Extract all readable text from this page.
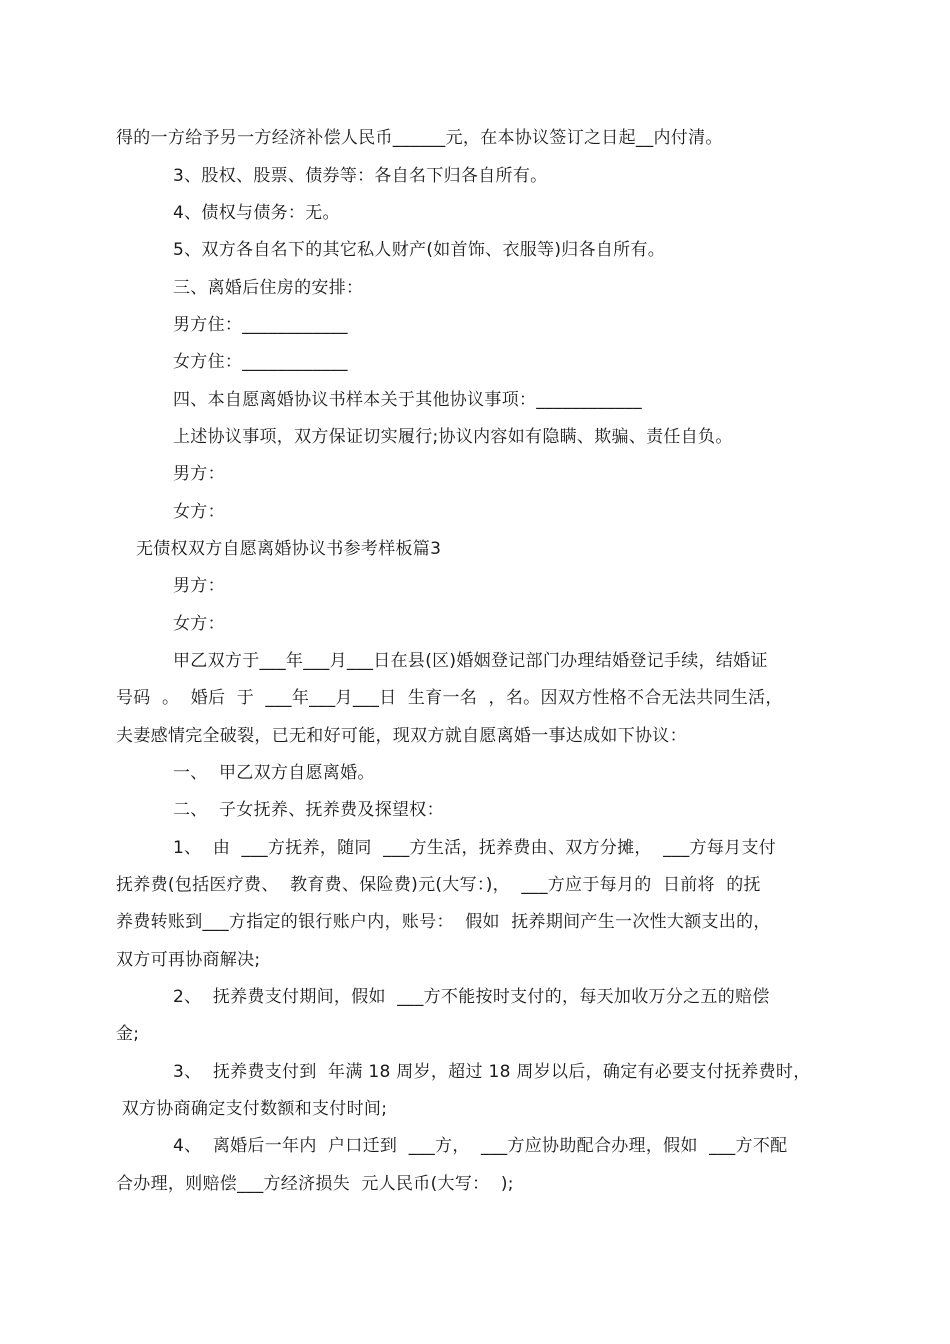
得的一方给予另一方经济补偿人民币______元，在本协议签订之日起__内付清。
3、股权、股票、债券等：各自名下归各自所有。
4、债权与债务：无。
5、双方各自名下的其它私人财产(如首饰、衣服等)归各自所有。
三、离婚后住房的安排：
男方住：____________
女方住：____________
四、本自愿离婚协议书样本关于其他协议事项：____________
上述协议事项，双方保证切实履行;协议内容如有隐瞒、欺骗、责任自负。
男方：
女方：
无债权双方自愿离婚协议书参考样板篇3
男方：
女方：
甲乙双方于___年___月___日在县(区)婚姻登记部门办理结婚登记手续，结婚证
号码  。  婚后  于  ___年___月___日  生育一名  ，名。因双方性格不合无法共同生活，
夫妻感情完全破裂，已无和好可能，现双方就自愿离婚一事达成如下协议：
一、  甲乙双方自愿离婚。
二、  子女抚养、抚养费及探望权：
1、  由  ___方抚养，随同  ___方生活，抚养费由、双方分摊，  ___方每月支付
抚养费(包括医疗费、  教育费、保险费)元(大写：)，  ___方应于每月的  日前将  的抚
养费转账到___方指定的银行账户内，账号：  假如  抚养期间产生一次性大额支出的，
双方可再协商解决;
2、  抚养费支付期间，假如  ___方不能按时支付的，每天加收万分之五的赔偿
金;
3、  抚养费支付到  年满 18 周岁，超过 18 周岁以后，确定有必要支付抚养费时，
双方协商确定支付数额和支付时间;
4、  离婚后一年内  户口迁到  ___方，  ___方应协助配合办理，假如  ___方不配
合办理，则赔偿___方经济损失  元人民币(大写：  );
